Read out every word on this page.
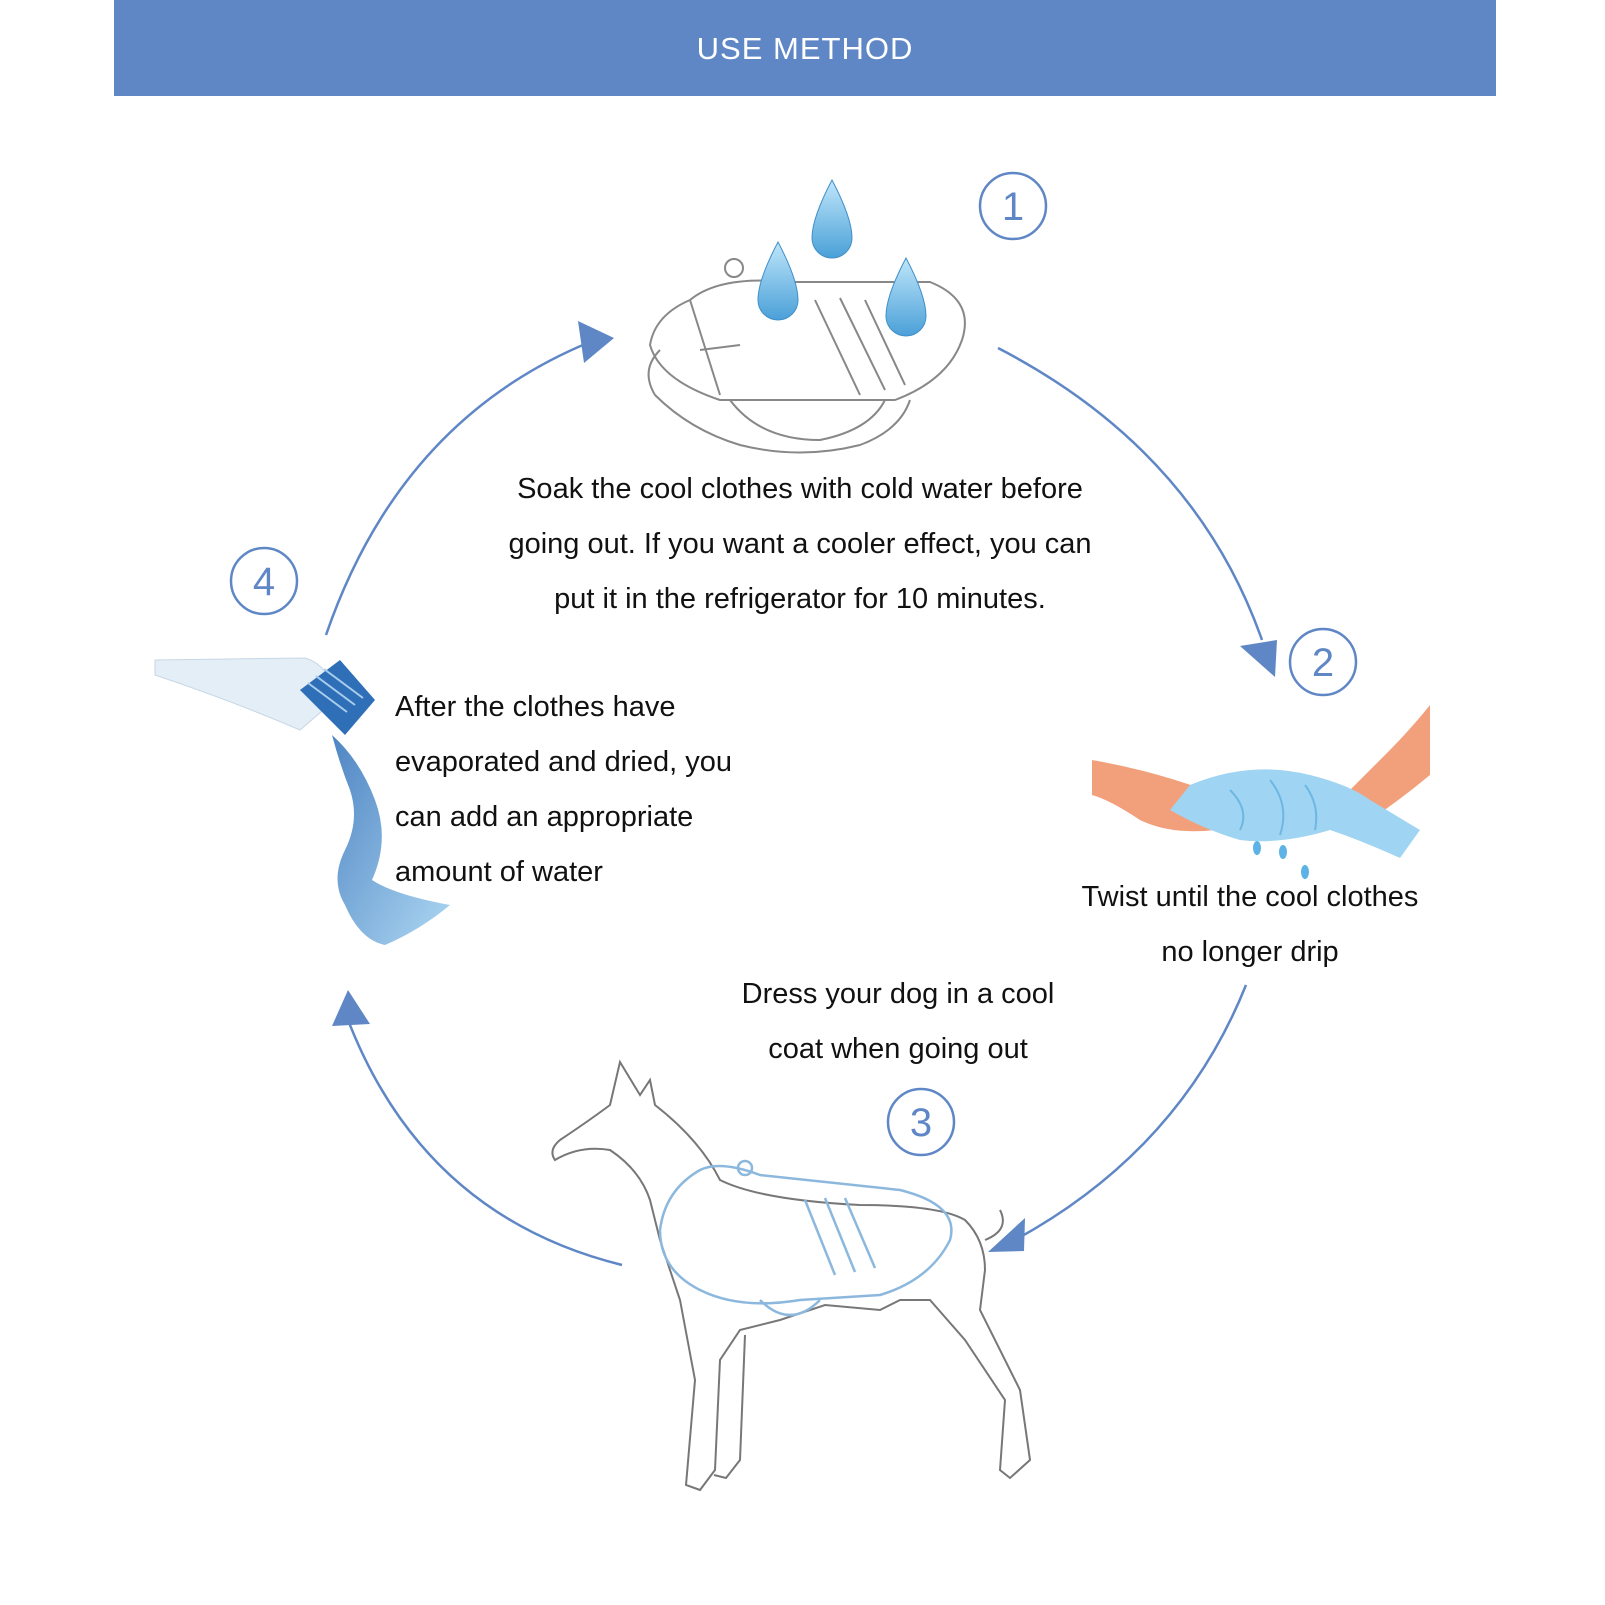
USE METHOD
1
2
3
4
Soak the cool clothes with cold water before
going out. If you want a cooler effect, you can
put it in the refrigerator for 10 minutes.
Twist until the cool clothes
no longer drip
Dress your dog in a cool
coat when going out
After the clothes have
evaporated and dried, you
can add an appropriate
amount of water
